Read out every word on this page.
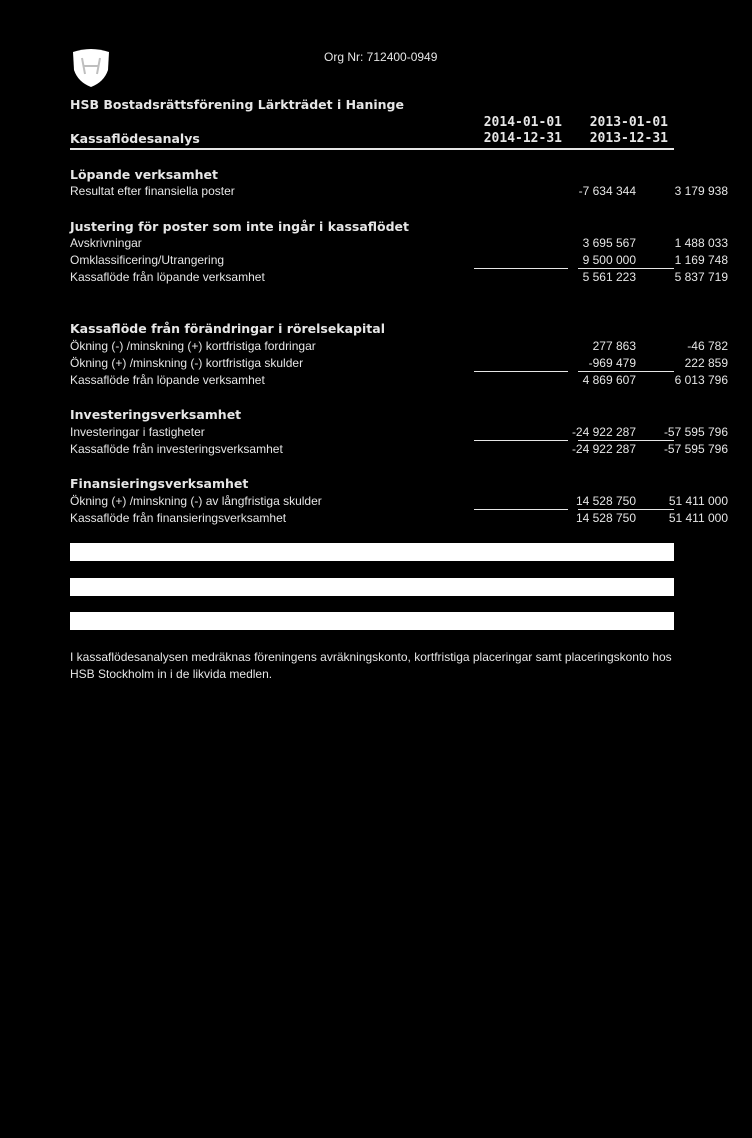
Org Nr: 712400-0949
HSB Bostadsrättsförening Lärkträdet i Haninge
Kassaflödesanalys
2014-01-01
2014-12-31
2013-01-01
2013-12-31
Löpande verksamhet
Resultat efter finansiella poster	-7 634 344	3 179 938
Justering för poster som inte ingår i kassaflödet
Avskrivningar	3 695 567	1 488 033
Omklassificering/Utrangering	9 500 000	1 169 748
Kassaflöde från löpande verksamhet	5 561 223	5 837 719
Kassaflöde från förändringar i rörelsekapital
Ökning (-) /minskning (+) kortfristiga fordringar	277 863	-46 782
Ökning (+) /minskning (-) kortfristiga skulder	-969 479	222 859
Kassaflöde från löpande verksamhet	4 869 607	6 013 796
Investeringsverksamhet
Investeringar i fastigheter	-24 922 287	-57 595 796
Kassaflöde från investeringsverksamhet	-24 922 287	-57 595 796
Finansieringsverksamhet
Ökning (+) /minskning (-) av långfristiga skulder	14 528 750	51 411 000
Kassaflöde från finansieringsverksamhet	14 528 750	51 411 000
I kassaflödesanalysen medräknas föreningens avräkningskonto, kortfristiga placeringar samt placeringskonto hos HSB Stockholm in i de likvida medlen.
